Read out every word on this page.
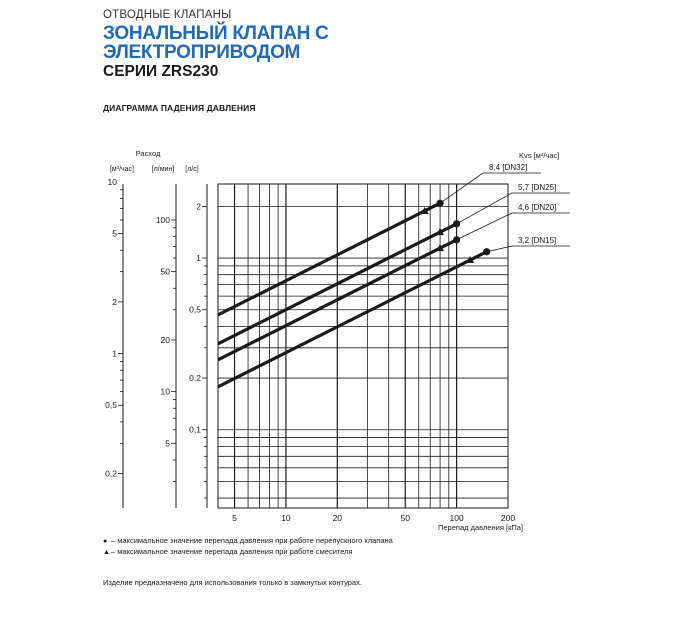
ОТВОДНЫЕ КЛАПАНЫ
ЗОНАЛЬНЫЙ КЛАПАН С
ЭЛЕКТРОПРИВОДОМ
СЕРИИ ZRS230
ДИАГРАММА ПАДЕНИЯ ДАВЛЕНИЯ
5	10	20	50	100	200
Перепад давления [кПа]
Расход
[м³/час]
10
5
2
1
0,5
0,2
[л/мин]
100
50
20
10
5
[л/с]
2
1
0,5
0,2
0,1
Kvs [м³/час]
8,4 [DN32]
5,7 [DN25]
4,6 [DN20]
3,2 [DN15]
● – максимальное значение перепада давления при работе перепускного клапана
▲– максимальное значение перепада давления при работе смесителя
Изделие предназначено для использования только в замкнутых контурах.
